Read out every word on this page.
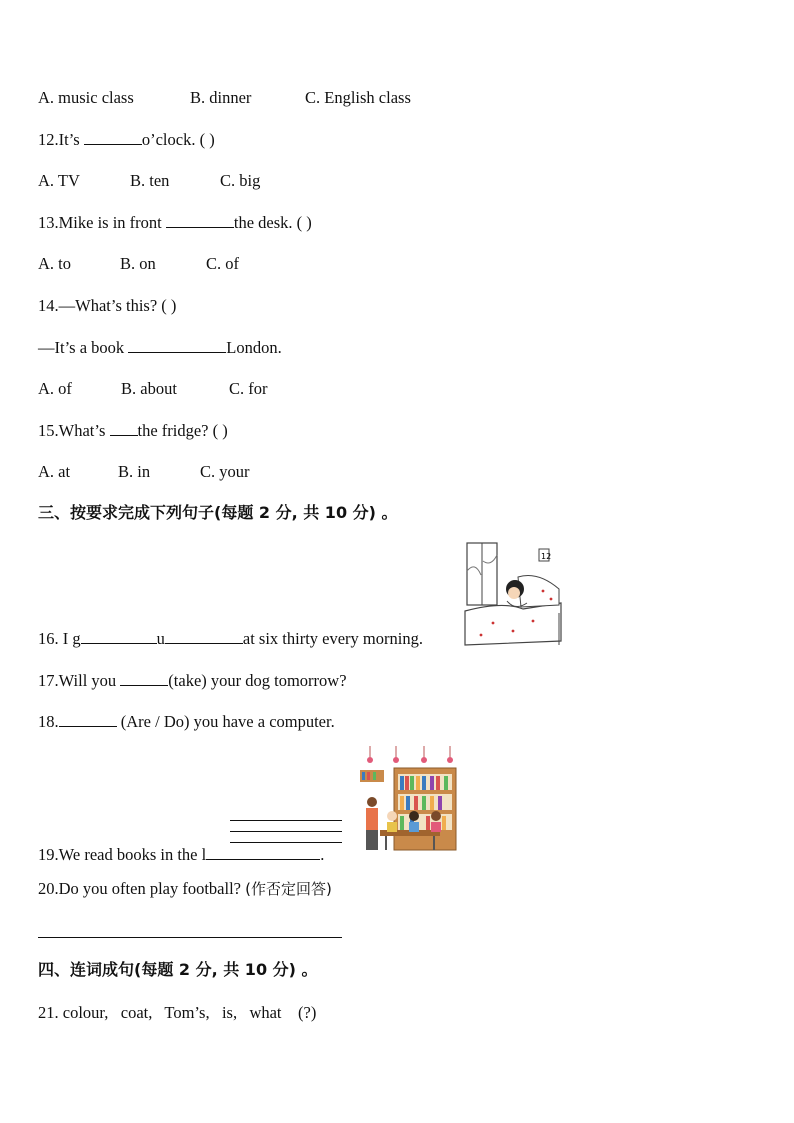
A. music class	B. dinner	C. English class
12.It’s	o’clock. ( )
A. TV	B. ten	C. big
13.Mike is in front	the desk. ( )
A. to	B. on	C. of
14.—What’s this? ( )
—It’s a book	London.
A. of	B. about	C. for
15.What’s the fridge? ( )
A. at	B. in	C. your
三、按要求完成下列句子(每题 2 分, 共 10 分) 。
12
16. I g	u	at six thirty every morning.
17.Will you	(take) your dog tomorrow?
18.	(Are / Do) you have a computer.
19.We read books in the l	.
20.Do you often play football? (作否定回答)
四、连词成句(每题 2 分, 共 10 分) 。
21. colour,   coat,   Tom’s,   is,   what    (?)
